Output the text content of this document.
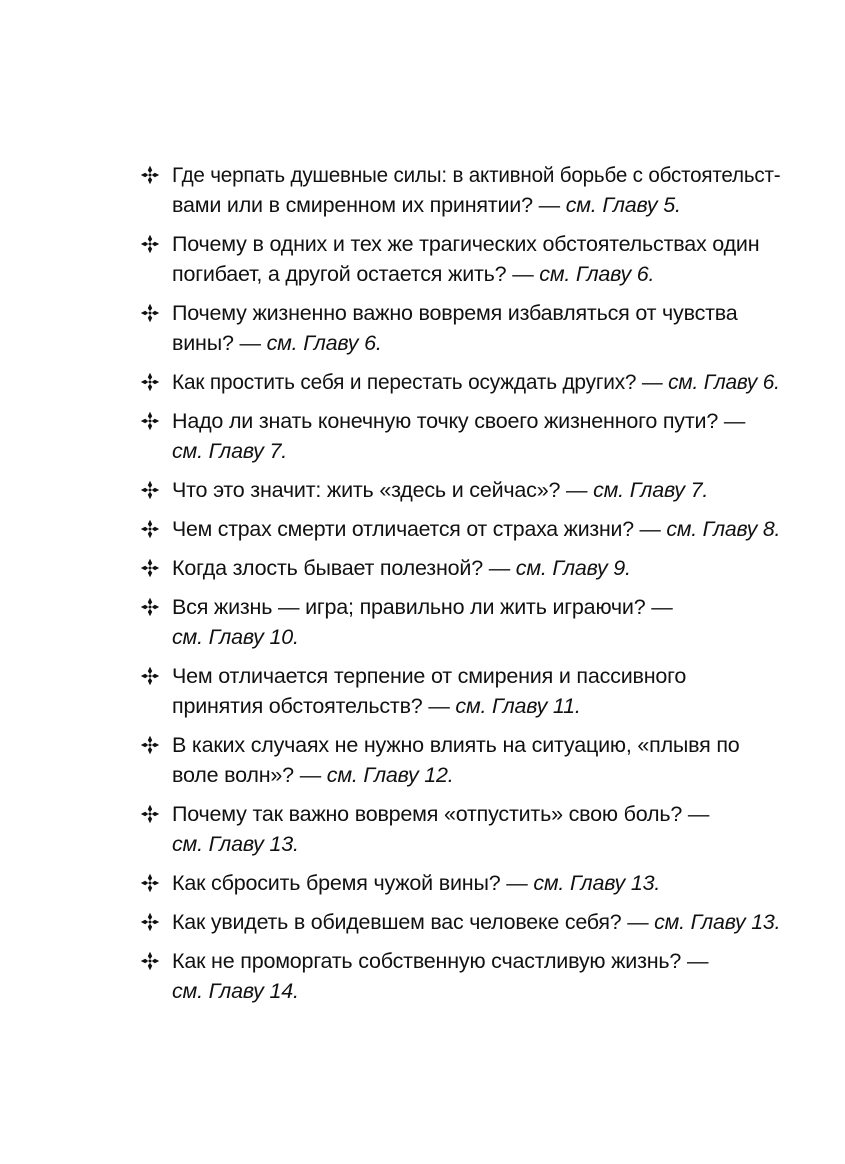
Где черпать душевные силы: в активной борьбе с обстоятельст-
вами или в смиренном их принятии? — см. Главу 5.
Почему в одних и тех же трагических обстоятельствах один
погибает, а другой остается жить? — см. Главу 6.
Почему жизненно важно вовремя избавляться от чувства
вины? — см. Главу 6.
Как простить себя и перестать осуждать других? — см. Главу 6.
Надо ли знать конечную точку своего жизненного пути? —
см. Главу 7.
Что это значит: жить «здесь и сейчас»? — см. Главу 7.
Чем страх смерти отличается от страха жизни? — см. Главу 8.
Когда злость бывает полезной? — см. Главу 9.
Вся жизнь — игра; правильно ли жить играючи? —
см. Главу 10.
Чем отличается терпение от смирения и пассивного
принятия обстоятельств? — см. Главу 11.
В каких случаях не нужно влиять на ситуацию, «плывя по
воле волн»? — см. Главу 12.
Почему так важно вовремя «отпустить» свою боль? —
см. Главу 13.
Как сбросить бремя чужой вины? — см. Главу 13.
Как увидеть в обидевшем вас человеке себя? — см. Главу 13.
Как не проморгать собственную счастливую жизнь? —
см. Главу 14.
